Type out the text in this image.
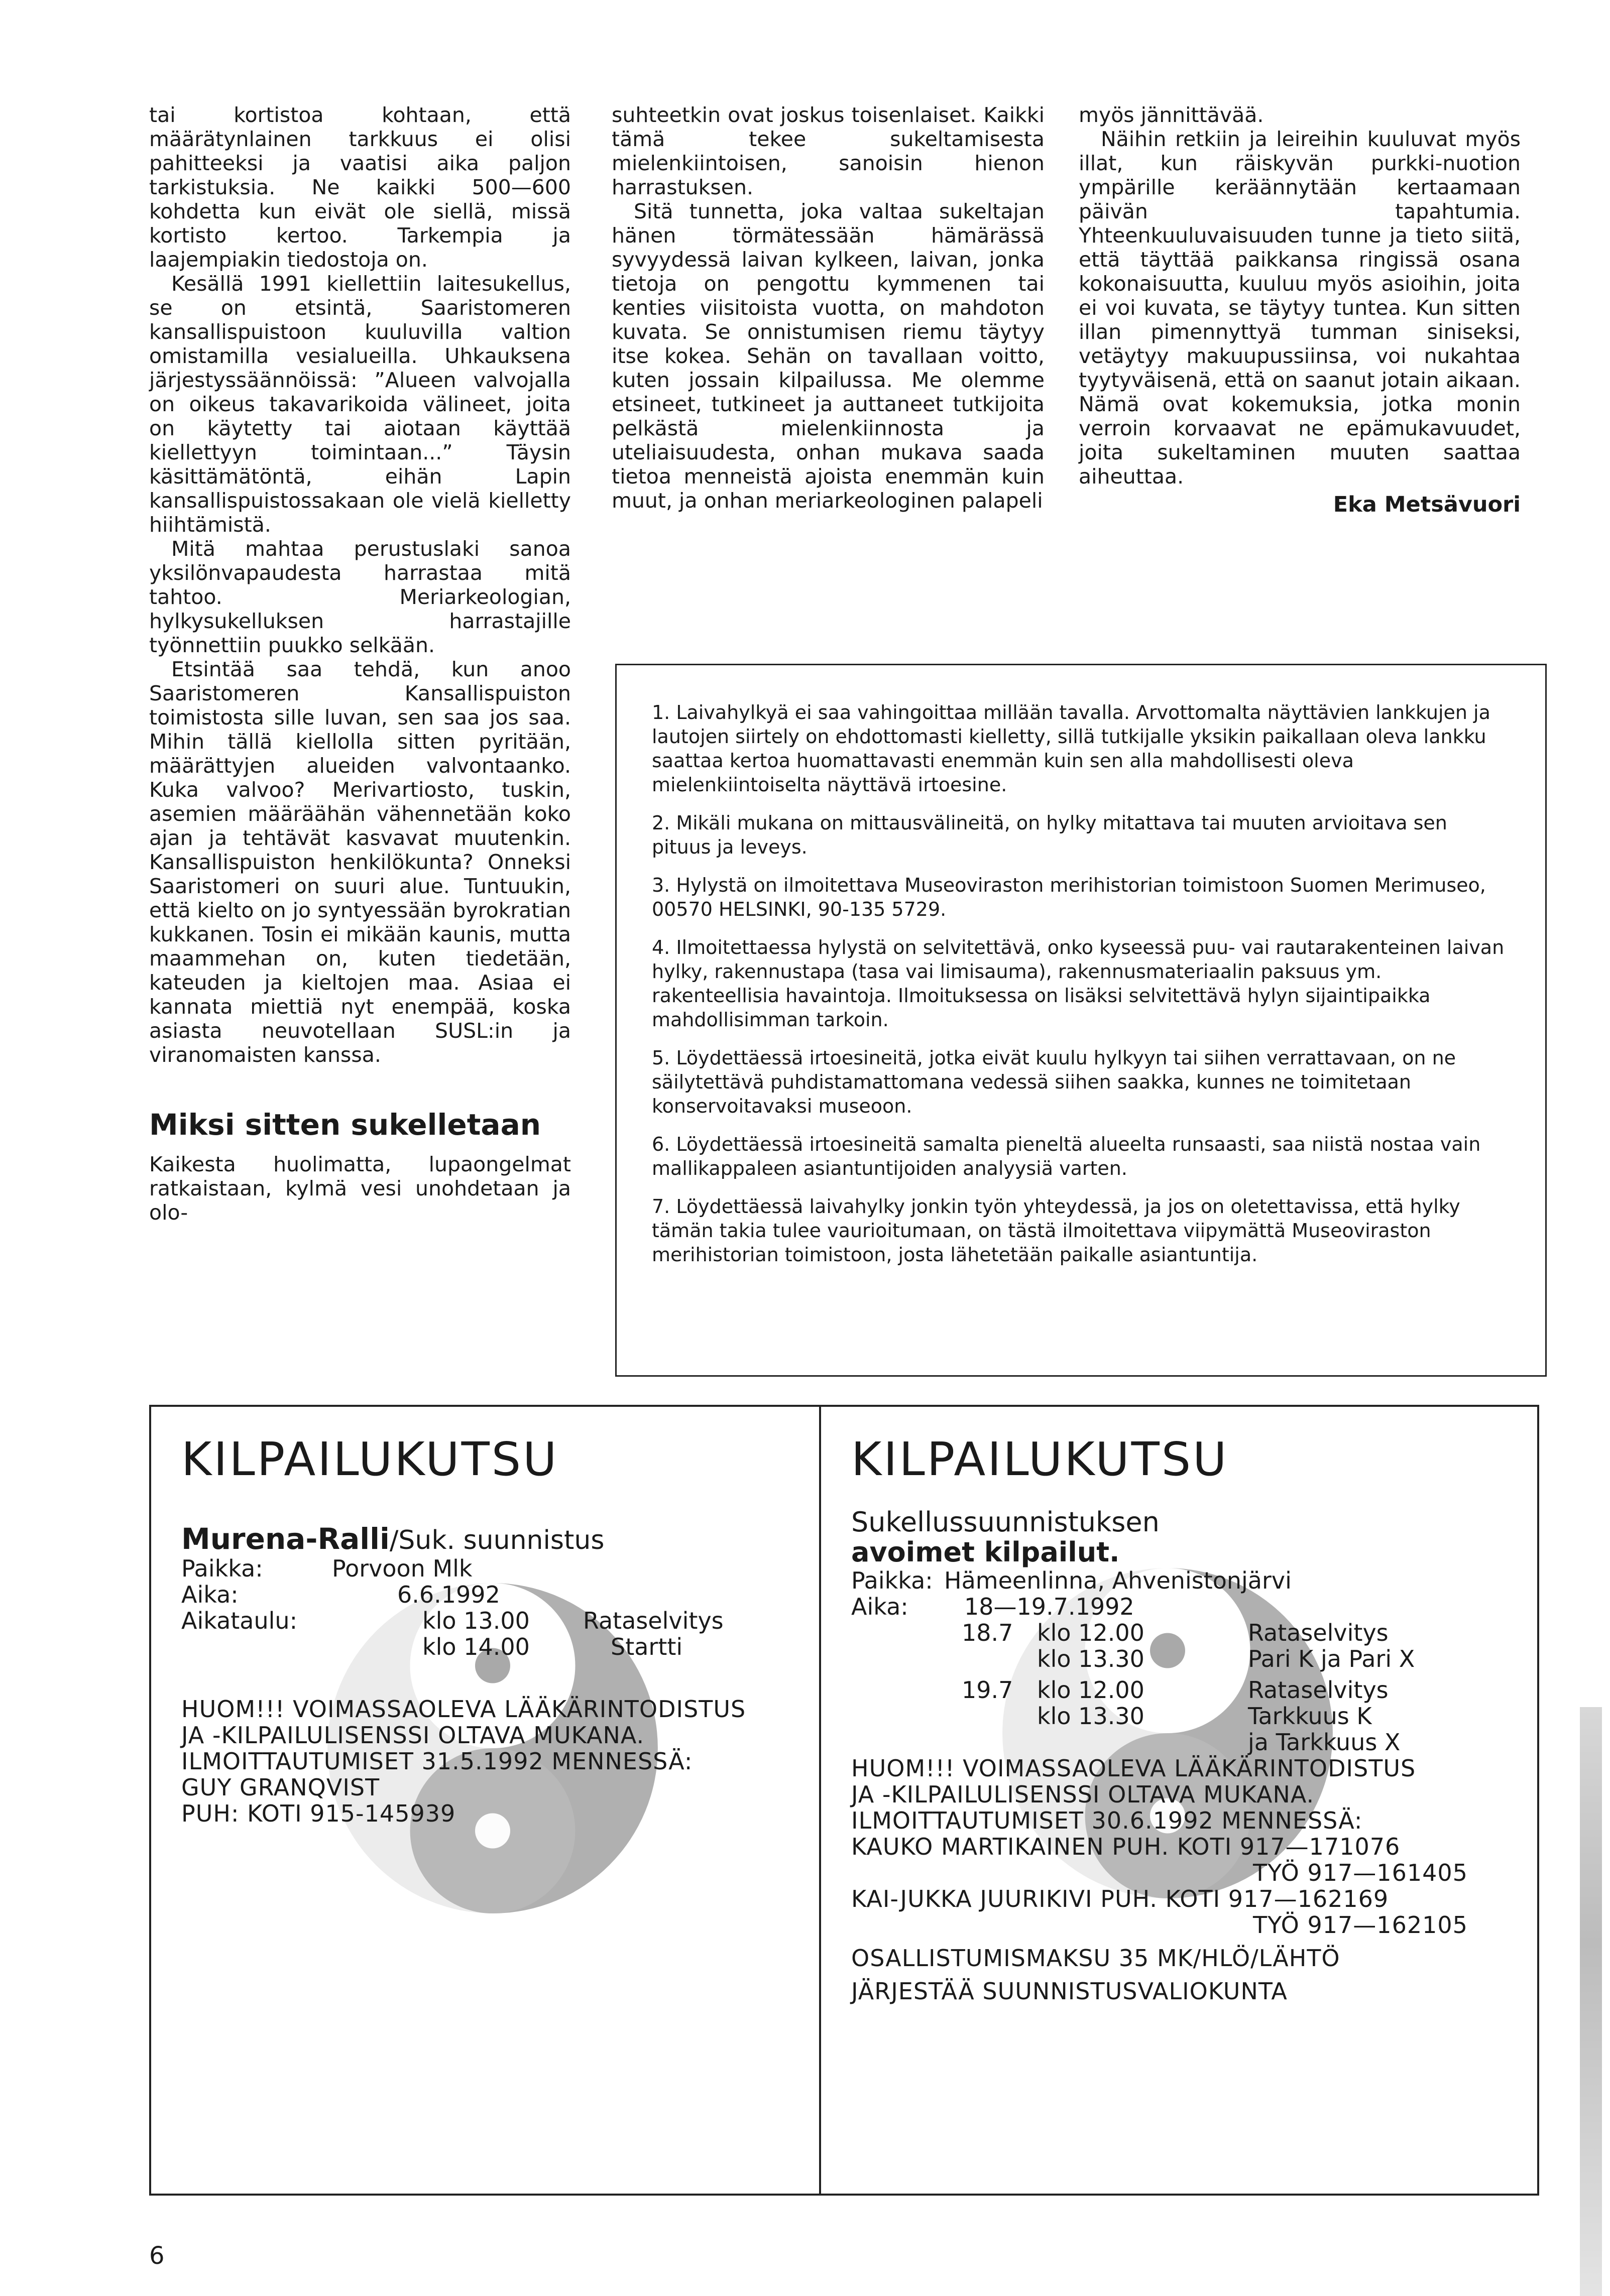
tai kortistoa kohtaan, että määrätynlainen tarkkuus ei olisi pahitteeksi ja vaatisi aika paljon tarkistuksia. Ne kaikki 500—600 kohdetta kun eivät ole siellä, missä kortisto kertoo. Tarkempia ja laajempiakin tiedostoja on.

Kesällä 1991 kiellettiin laitesukellus, se on etsintä, Saaristomeren kansallispuistoon kuuluvilla valtion omistamilla vesialueilla. Uhkauksena järjestyssäännöissä: ”Alueen valvojalla on oikeus takavarikoida välineet, joita on käytetty tai aiotaan käyttää kiellettyyn toimintaan...” Täysin käsittämätöntä, eihän Lapin kansallispuistossakaan ole vielä kielletty hiihtämistä.

Mitä mahtaa perustuslaki sanoa yksilönvapaudesta harrastaa mitä tahtoo. Meriarkeologian, hylkysukelluksen harrastajille työnnettiin puukko selkään.

Etsintää saa tehdä, kun anoo Saaristomeren Kansallispuiston toimistosta sille luvan, sen saa jos saa. Mihin tällä kiellolla sitten pyritään, määrättyjen alueiden valvontaanko. Kuka valvoo? Merivartiosto, tuskin, asemien määräähän vähennetään koko ajan ja tehtävät kasvavat muutenkin. Kansallispuiston henkilökunta? Onneksi Saaristomeri on suuri alue. Tuntuukin, että kielto on jo syntyessään byrokratian kukkanen. Tosin ei mikään kaunis, mutta maammehan on, kuten tiedetään, kateuden ja kieltojen maa. Asiaa ei kannata miettiä nyt enempää, koska asiasta neuvotellaan SUSL:in ja viranomaisten kanssa.

Miksi sitten sukelletaan

Kaikesta huolimatta, lupaongelmat ratkaistaan, kylmä vesi unohdetaan ja olo-

suhteetkin ovat joskus toisenlaiset. Kaikki tämä tekee sukeltamisesta mielenkiintoisen, sanoisin hienon harrastuksen.

Sitä tunnetta, joka valtaa sukeltajan hänen törmätessään hämärässä syvyydessä laivan kylkeen, laivan, jonka tietoja on pengottu kymmenen tai kenties viisitoista vuotta, on mahdoton kuvata. Se onnistumisen riemu täytyy itse kokea. Sehän on tavallaan voitto, kuten jossain kilpailussa. Me olemme etsineet, tutkineet ja auttaneet tutkijoita pelkästä mielenkiinnosta ja uteliaisuudesta, onhan mukava saada tietoa menneistä ajoista enemmän kuin muut, ja onhan meriarkeologinen palapeli

myös jännittävää.

Näihin retkiin ja leireihin kuuluvat myös illat, kun räiskyvän purkki-nuotion ympärille keräännytään kertaamaan päivän tapahtumia. Yhteenkuuluvaisuuden tunne ja tieto siitä, että täyttää paikkansa ringissä osana kokonaisuutta, kuuluu myös asioihin, joita ei voi kuvata, se täytyy tuntea. Kun sitten illan pimennyttyä tumman siniseksi, vetäytyy makuupussiinsa, voi nukahtaa tyytyväisenä, että on saanut jotain aikaan. Nämä ovat kokemuksia, jotka monin verroin korvaavat ne epämukavuudet, joita sukeltaminen muuten saattaa aiheuttaa.

Eka Metsävuori

1. Laivahylkyä ei saa vahingoittaa millään tavalla. Arvottomalta näyttävien lankkujen ja lautojen siirtely on ehdottomasti kielletty, sillä tutkijalle yksikin paikallaan oleva lankku saattaa kertoa huomattavasti enemmän kuin sen alla mahdollisesti oleva mielenkiintoiselta näyttävä irtoesine.

2. Mikäli mukana on mittausvälineitä, on hylky mitattava tai muuten arvioitava sen pituus ja leveys.

3. Hylystä on ilmoitettava Museoviraston merihistorian toimistoon Suomen Merimuseo, 00570 HELSINKI, 90-135 5729.

4. Ilmoitettaessa hylystä on selvitettävä, onko kyseessä puu- vai rautarakenteinen laivan hylky, rakennustapa (tasa vai limisauma), rakennusmateriaalin paksuus ym. rakenteellisia havaintoja. Ilmoituksessa on lisäksi selvitettävä hylyn sijaintipaikka mahdollisimman tarkoin.

5. Löydettäessä irtoesineitä, jotka eivät kuulu hylkyyn tai siihen verrattavaan, on ne säilytettävä puhdistamattomana vedessä siihen saakka, kunnes ne toimitetaan konservoitavaksi museoon.

6. Löydettäessä irtoesineitä samalta pieneltä alueelta runsaasti, saa niistä nostaa vain mallikappaleen asiantuntijoiden analyysiä varten.

7. Löydettäessä laivahylky jonkin työn yhteydessä, ja jos on oletettavissa, että hylky tämän takia tulee vaurioitumaan, on tästä ilmoitettava viipymättä Museoviraston merihistorian toimistoon, josta lähetetään paikalle asiantuntija.

KILPAILUKUTSU
Murena-Ralli/Suk. suunnistus
Paikka:	Porvoon Mlk
Aika:	6.6.1992
Aikataulu:	klo 13.00	Rataselvitys
klo 14.00	Startti
HUOM!!! VOIMASSAOLEVA LÄÄKÄRINTODISTUS
JA -KILPAILULISENSSI OLTAVA MUKANA.
ILMOITTAUTUMISET 31.5.1992 MENNESSÄ:
GUY GRANQVIST
PUH: KOTI 915-145939
KILPAILUKUTSU
Sukellussuunnistuksen
avoimet kilpailut.
Paikka: Hämeenlinna, Ahvenistonjärvi
Aika:	18—19.7.1992
18.7	klo 12.00	Rataselvitys
klo 13.30	Pari K ja Pari X
19.7	klo 12.00	Rataselvitys
klo 13.30	Tarkkuus K
ja Tarkkuus X
HUOM!!! VOIMASSAOLEVA LÄÄKÄRINTODISTUS
JA -KILPAILULISENSSI OLTAVA MUKANA.
ILMOITTAUTUMISET 30.6.1992 MENNESSÄ:
KAUKO MARTIKAINEN PUH. KOTI 917—171076
TYÖ 917—161405
KAI-JUKKA JUURIKIVI PUH. KOTI 917—162169
TYÖ 917—162105
OSALLISTUMISMAKSU 35 MK/HLÖ/LÄHTÖ
JÄRJESTÄÄ SUUNNISTUSVALIOKUNTA
6
